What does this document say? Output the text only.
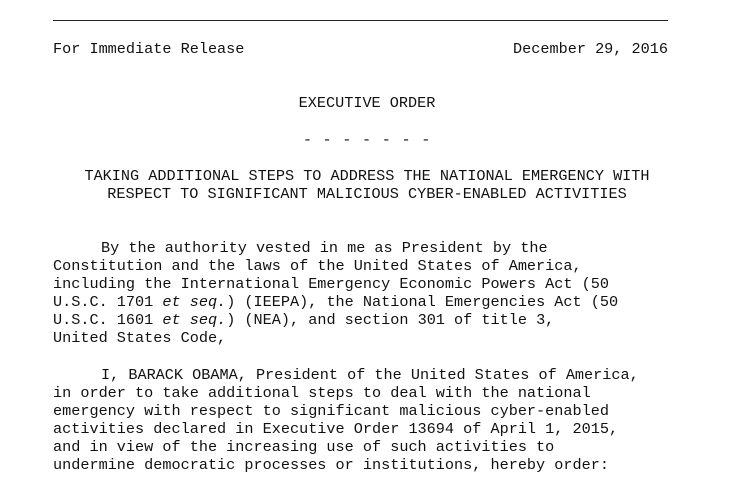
For Immediate Release	December 29, 2016
EXECUTIVE ORDER
- - - - - - -
TAKING ADDITIONAL STEPS TO ADDRESS THE NATIONAL EMERGENCY WITH
RESPECT TO SIGNIFICANT MALICIOUS CYBER-ENABLED ACTIVITIES
By the authority vested in me as President by the
Constitution and the laws of the United States of America,
including the International Emergency Economic Powers Act (50
U.S.C. 1701 et seq.) (IEEPA), the National Emergencies Act (50
U.S.C. 1601 et seq.) (NEA), and section 301 of title 3,
United States Code,
I, BARACK OBAMA, President of the United States of America,
in order to take additional steps to deal with the national
emergency with respect to significant malicious cyber-enabled
activities declared in Executive Order 13694 of April 1, 2015,
and in view of the increasing use of such activities to
undermine democratic processes or institutions, hereby order:
